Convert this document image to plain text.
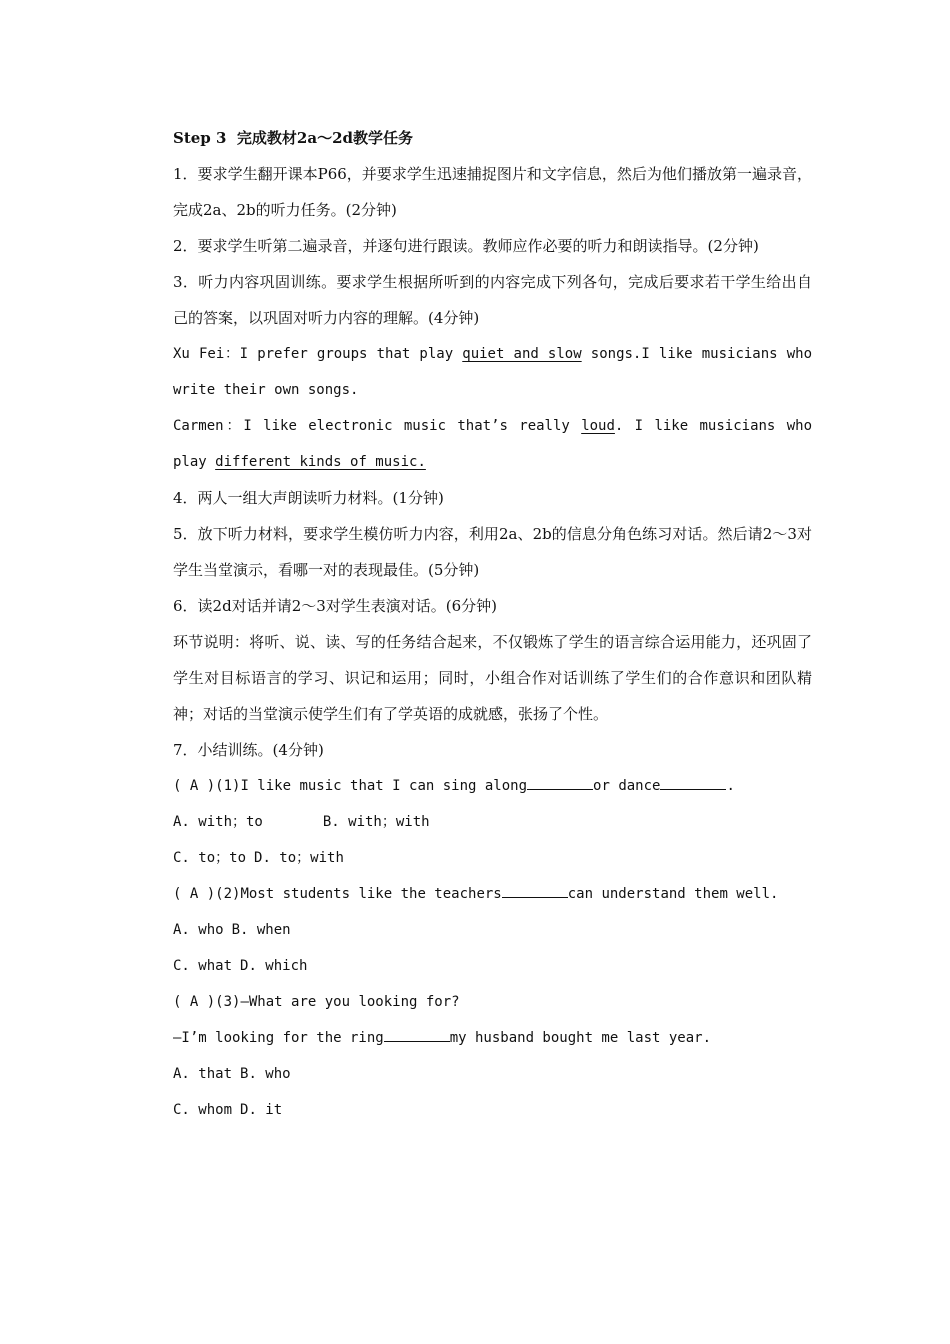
Step 3 完成教材2a～2d教学任务

1．要求学生翻开课本P66，并要求学生迅速捕捉图片和文字信息，然后为他们播放第一遍录音，完成2a、2b的听力任务。(2分钟)

2．要求学生听第二遍录音，并逐句进行跟读。教师应作必要的听力和朗读指导。(2分钟)

3．听力内容巩固训练。要求学生根据所听到的内容完成下列各句，完成后要求若干学生给出自己的答案，以巩固对听力内容的理解。(4分钟)

Xu Fei：I prefer groups that play quiet and slow songs.I like musicians who write their own songs.

Carmen：I like electronic music that’s really loud. I like musicians who play different kinds of music.

4．两人一组大声朗读听力材料。(1分钟)

5．放下听力材料，要求学生模仿听力内容，利用2a、2b的信息分角色练习对话。然后请2～3对学生当堂演示，看哪一对的表现最佳。(5分钟)

6．读2d对话并请2～3对学生表演对话。(6分钟)

环节说明：将听、说、读、写的任务结合起来，不仅锻炼了学生的语言综合运用能力，还巩固了学生对目标语言的学习、识记和运用；同时，小组合作对话训练了学生们的合作意识和团队精神；对话的当堂演示使学生们有了学英语的成就感，张扬了个性。

7．小结训练。(4分钟)

( A )(1)I like music that I can sing along	or dance	.

A. with；to	B. with；with

C. to；to D. to；with

( A )(2)Most students like the teachers	can understand them well.

A. who B. when

C. what D. which

( A )(3)—What are you looking for?

—I’m looking for the ring	my husband bought me last year.

A. that B. who

C. whom D. it
